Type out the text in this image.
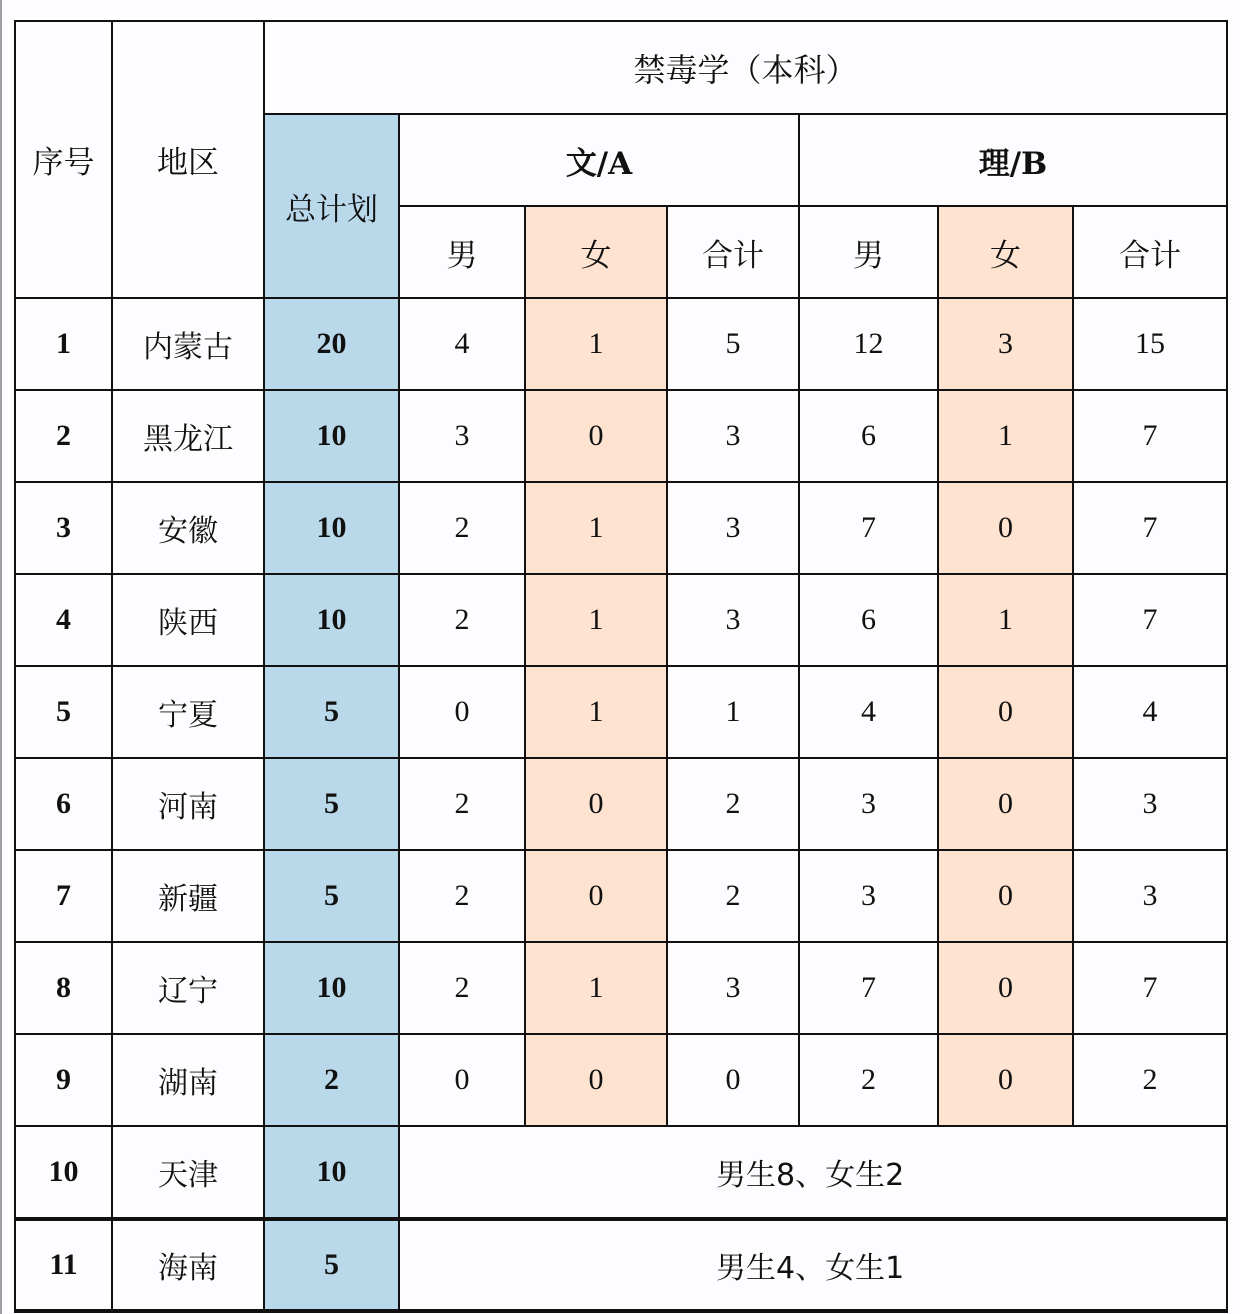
序号	地区	禁毒学（本科）						
		总计划	文/A			理/B		
			男	女	合计	男	女	合计
1	内蒙古	20	4	1	5	12	3	15
2	黑龙江	10	3	0	3	6	1	7
3	安徽	10	2	1	3	7	0	7
4	陕西	10	2	1	3	6	1	7
5	宁夏	5	0	1	1	4	0	4
6	河南	5	2	0	2	3	0	3
7	新疆	5	2	0	2	3	0	3
8	辽宁	10	2	1	3	7	0	7
9	湖南	2	0	0	0	2	0	2
10	天津	10	男生8、女生2					
11	海南	5	男生4、女生1					
